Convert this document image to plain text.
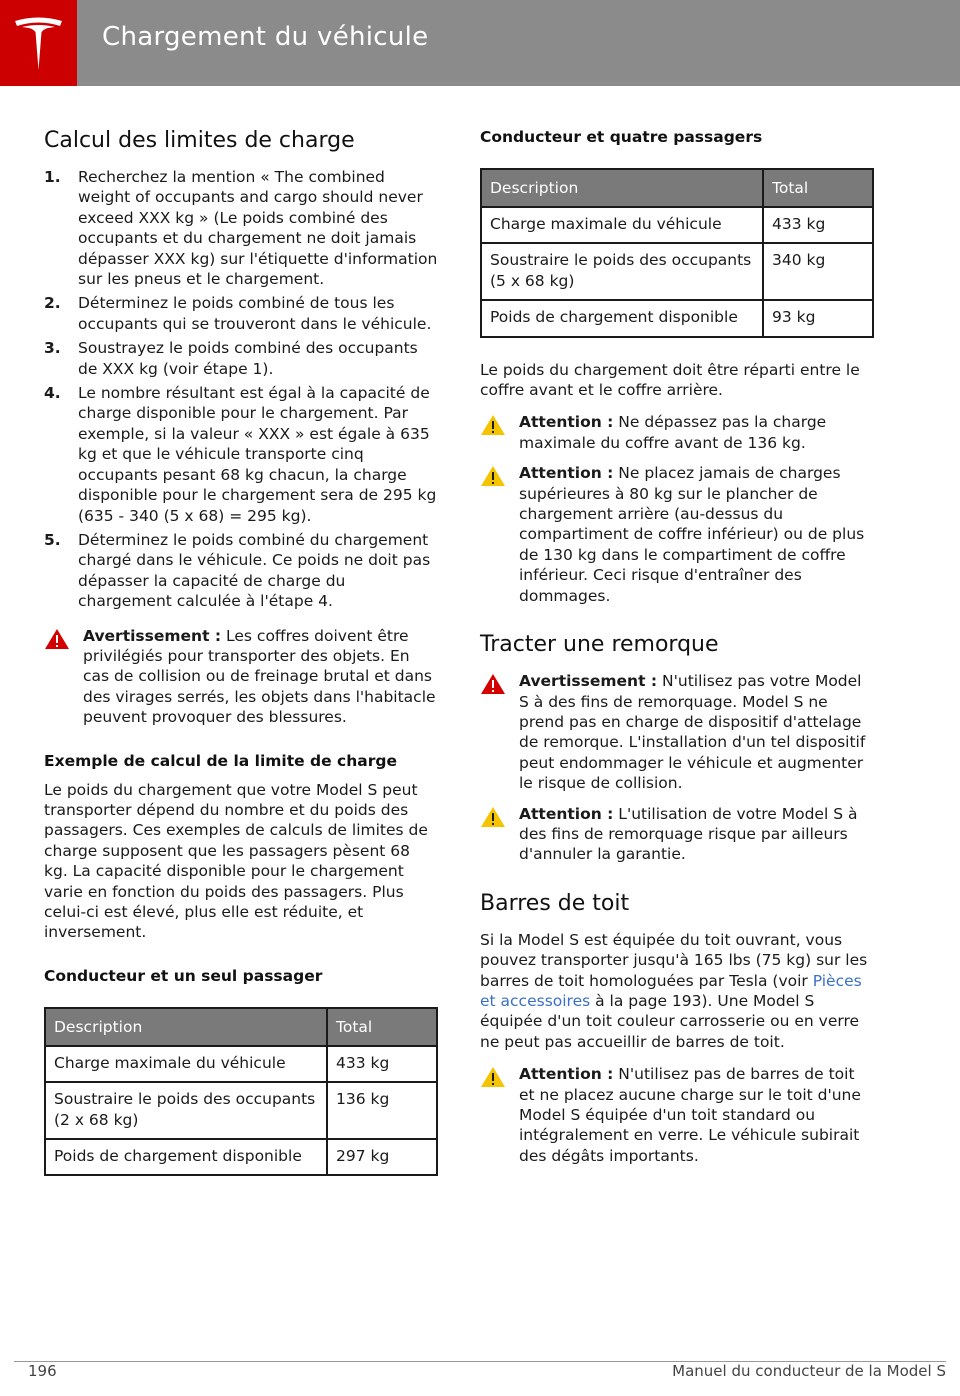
Chargement du véhicule
Calcul des limites de charge
1. Recherchez la mention « The combined weight of occupants and cargo should never exceed XXX kg » (Le poids combiné des occupants et du chargement ne doit jamais dépasser XXX kg) sur l'étiquette d'information sur les pneus et le chargement.
2. Déterminez le poids combiné de tous les occupants qui se trouveront dans le véhicule.
3. Soustrayez le poids combiné des occupants de XXX kg (voir étape 1).
4. Le nombre résultant est égal à la capacité de charge disponible pour le chargement. Par exemple, si la valeur « XXX » est égale à 635 kg et que le véhicule transporte cinq occupants pesant 68 kg chacun, la charge disponible pour le chargement sera de 295 kg (635 - 340 (5 x 68) = 295 kg).
5. Déterminez le poids combiné du chargement chargé dans le véhicule. Ce poids ne doit pas dépasser la capacité de charge du chargement calculée à l'étape 4.
Avertissement : Les coffres doivent être privilégiés pour transporter des objets. En cas de collision ou de freinage brutal et dans des virages serrés, les objets dans l'habitacle peuvent provoquer des blessures.
Exemple de calcul de la limite de charge

Le poids du chargement que votre Model S peut transporter dépend du nombre et du poids des passagers. Ces exemples de calculs de limites de charge supposent que les passagers pèsent 68 kg. La capacité disponible pour le chargement varie en fonction du poids des passagers. Plus celui-ci est élevé, plus elle est réduite, et inversement.

Conducteur et un seul passager
Description	Total
Charge maximale du véhicule	433 kg
Soustraire le poids des occupants (2 x 68 kg)	136 kg
Poids de chargement disponible	297 kg
Conducteur et quatre passagers
Description	Total
Charge maximale du véhicule	433 kg
Soustraire le poids des occupants (5 x 68 kg)	340 kg
Poids de chargement disponible	93 kg

Le poids du chargement doit être réparti entre le coffre avant et le coffre arrière.

Attention : Ne dépassez pas la charge maximale du coffre avant de 136 kg.
Attention : Ne placez jamais de charges supérieures à 80 kg sur le plancher de chargement arrière (au-dessus du compartiment de coffre inférieur) ou de plus de 130 kg dans le compartiment de coffre inférieur. Ceci risque d'entraîner des dommages.
Tracter une remorque
Avertissement : N'utilisez pas votre Model S à des fins de remorquage. Model S ne prend pas en charge de dispositif d'attelage de remorque. L'installation d'un tel dispositif peut endommager le véhicule et augmenter le risque de collision.
Attention : L'utilisation de votre Model S à des fins de remorquage risque par ailleurs d'annuler la garantie.
Barres de toit

Si la Model S est équipée du toit ouvrant, vous pouvez transporter jusqu'à 165 lbs (75 kg) sur les barres de toit homologuées par Tesla (voir Pièces et accessoires à la page 193). Une Model S équipée d'un toit couleur carrosserie ou en verre ne peut pas accueillir de barres de toit.

Attention : N'utilisez pas de barres de toit et ne placez aucune charge sur le toit d'une Model S équipée d'un toit standard ou intégralement en verre. Le véhicule subirait des dégâts importants.
196	Manuel du conducteur de la Model S
